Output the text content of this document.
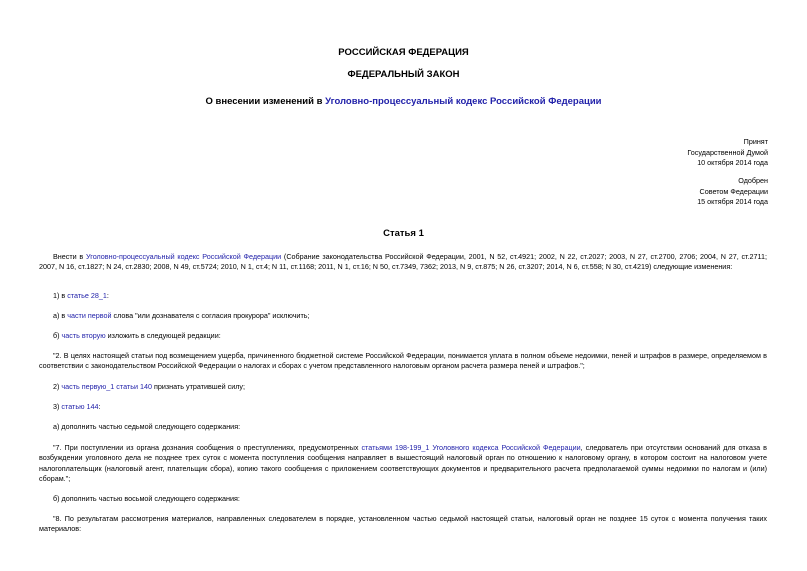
РОССИЙСКАЯ ФЕДЕРАЦИЯ
ФЕДЕРАЛЬНЫЙ ЗАКОН
О внесении изменений в Уголовно-процессуальный кодекс Российской Федерации
Принят
Государственной Думой
10 октября 2014 года
Одобрен
Советом Федерации
15 октября 2014 года
Статья 1
Внести в Уголовно-процессуальный кодекс Российской Федерации (Собрание законодательства Российской Федерации, 2001, N 52, ст.4921; 2002, N 22, ст.2027; 2003, N 27, ст.2700, 2706; 2004, N 27, ст.2711; 2007, N 16, ст.1827; N 24, ст.2830; 2008, N 49, ст.5724; 2010, N 1, ст.4; N 11, ст.1168; 2011, N 1, ст.16; N 50, ст.7349, 7362; 2013, N 9, ст.875; N 26, ст.3207; 2014, N 6, ст.558; N 30, ст.4219) следующие изменения:
1) в статье 28_1:
а) в части первой слова "или дознавателя с согласия прокурора" исключить;
б) часть вторую изложить в следующей редакции:
"2. В целях настоящей статьи под возмещением ущерба, причиненного бюджетной системе Российской Федерации, понимается уплата в полном объеме недоимки, пеней и штрафов в размере, определяемом в соответствии с законодательством Российской Федерации о налогах и сборах с учетом представленного налоговым органом расчета размера пеней и штрафов.";
2) часть первую_1 статьи 140 признать утратившей силу;
3) статью 144:
а) дополнить частью седьмой следующего содержания:
"7. При поступлении из органа дознания сообщения о преступлениях, предусмотренных статьями 198-199_1 Уголовного кодекса Российской Федерации, следователь при отсутствии оснований для отказа в возбуждении уголовного дела не позднее трех суток с момента поступления сообщения направляет в вышестоящий налоговый орган по отношению к налоговому органу, в котором состоит на налоговом учете налогоплательщик (налоговый агент, плательщик сбора), копию такого сообщения с приложением соответствующих документов и предварительного расчета предполагаемой суммы недоимки по налогам и (или) сборам.";
б) дополнить частью восьмой следующего содержания:
"8. По результатам рассмотрения материалов, направленных следователем в порядке, установленном частью седьмой настоящей статьи, налоговый орган не позднее 15 суток с момента получения таких материалов:
